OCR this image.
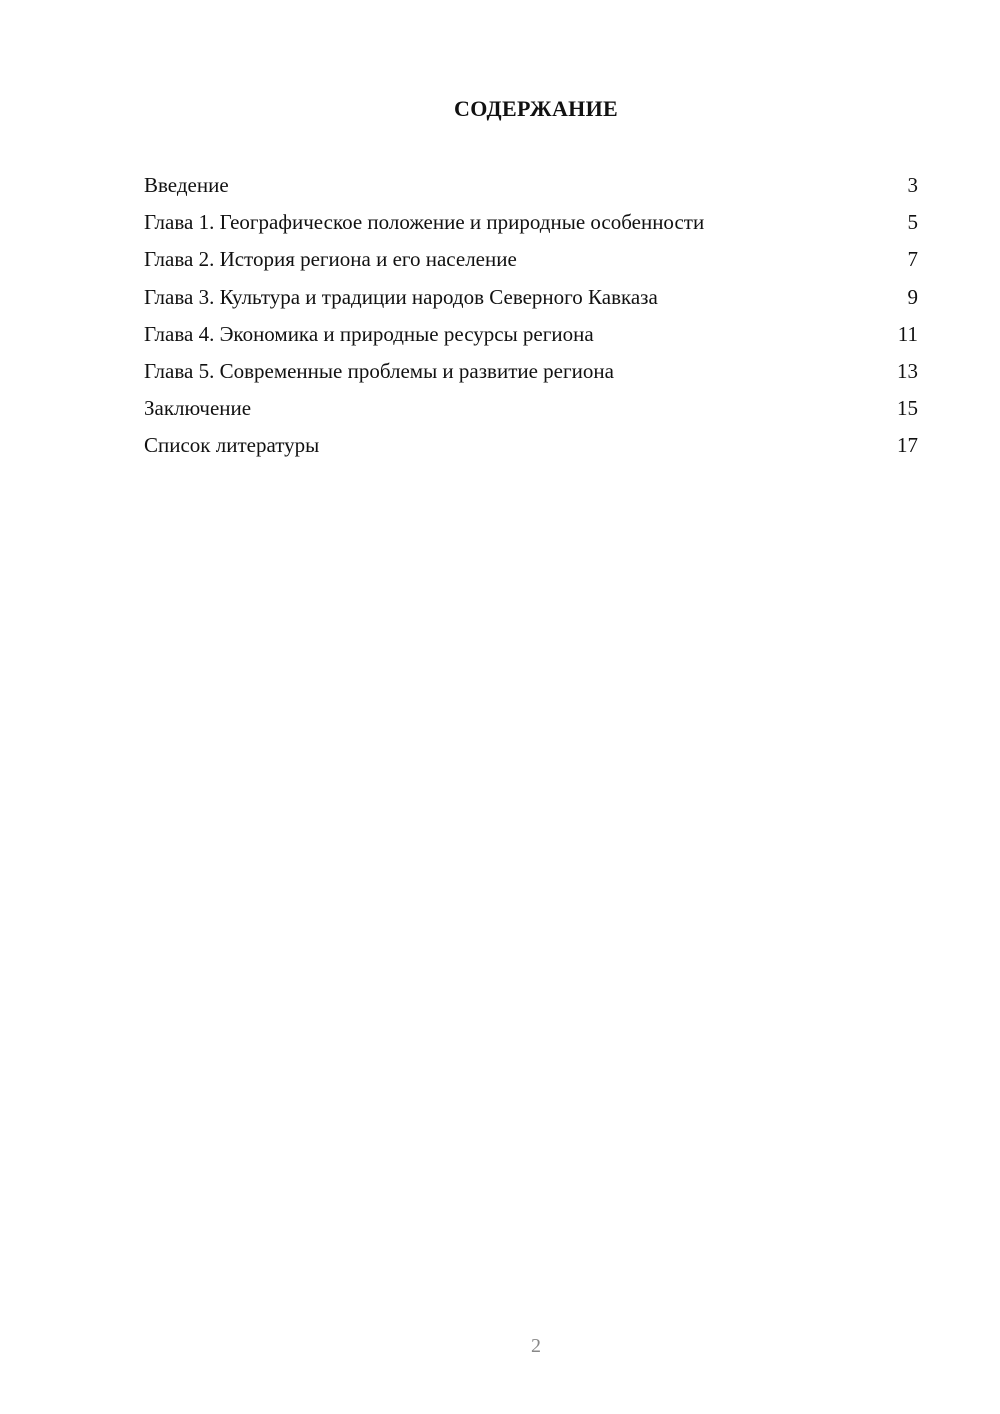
СОДЕРЖАНИЕ
Введение	3
Глава 1. Географическое положение и природные особенности	5
Глава 2. История региона и его население	7
Глава 3. Культура и традиции народов Северного Кавказа	9
Глава 4. Экономика и природные ресурсы региона	11
Глава 5. Современные проблемы и развитие региона	13
Заключение	15
Список литературы	17
2
